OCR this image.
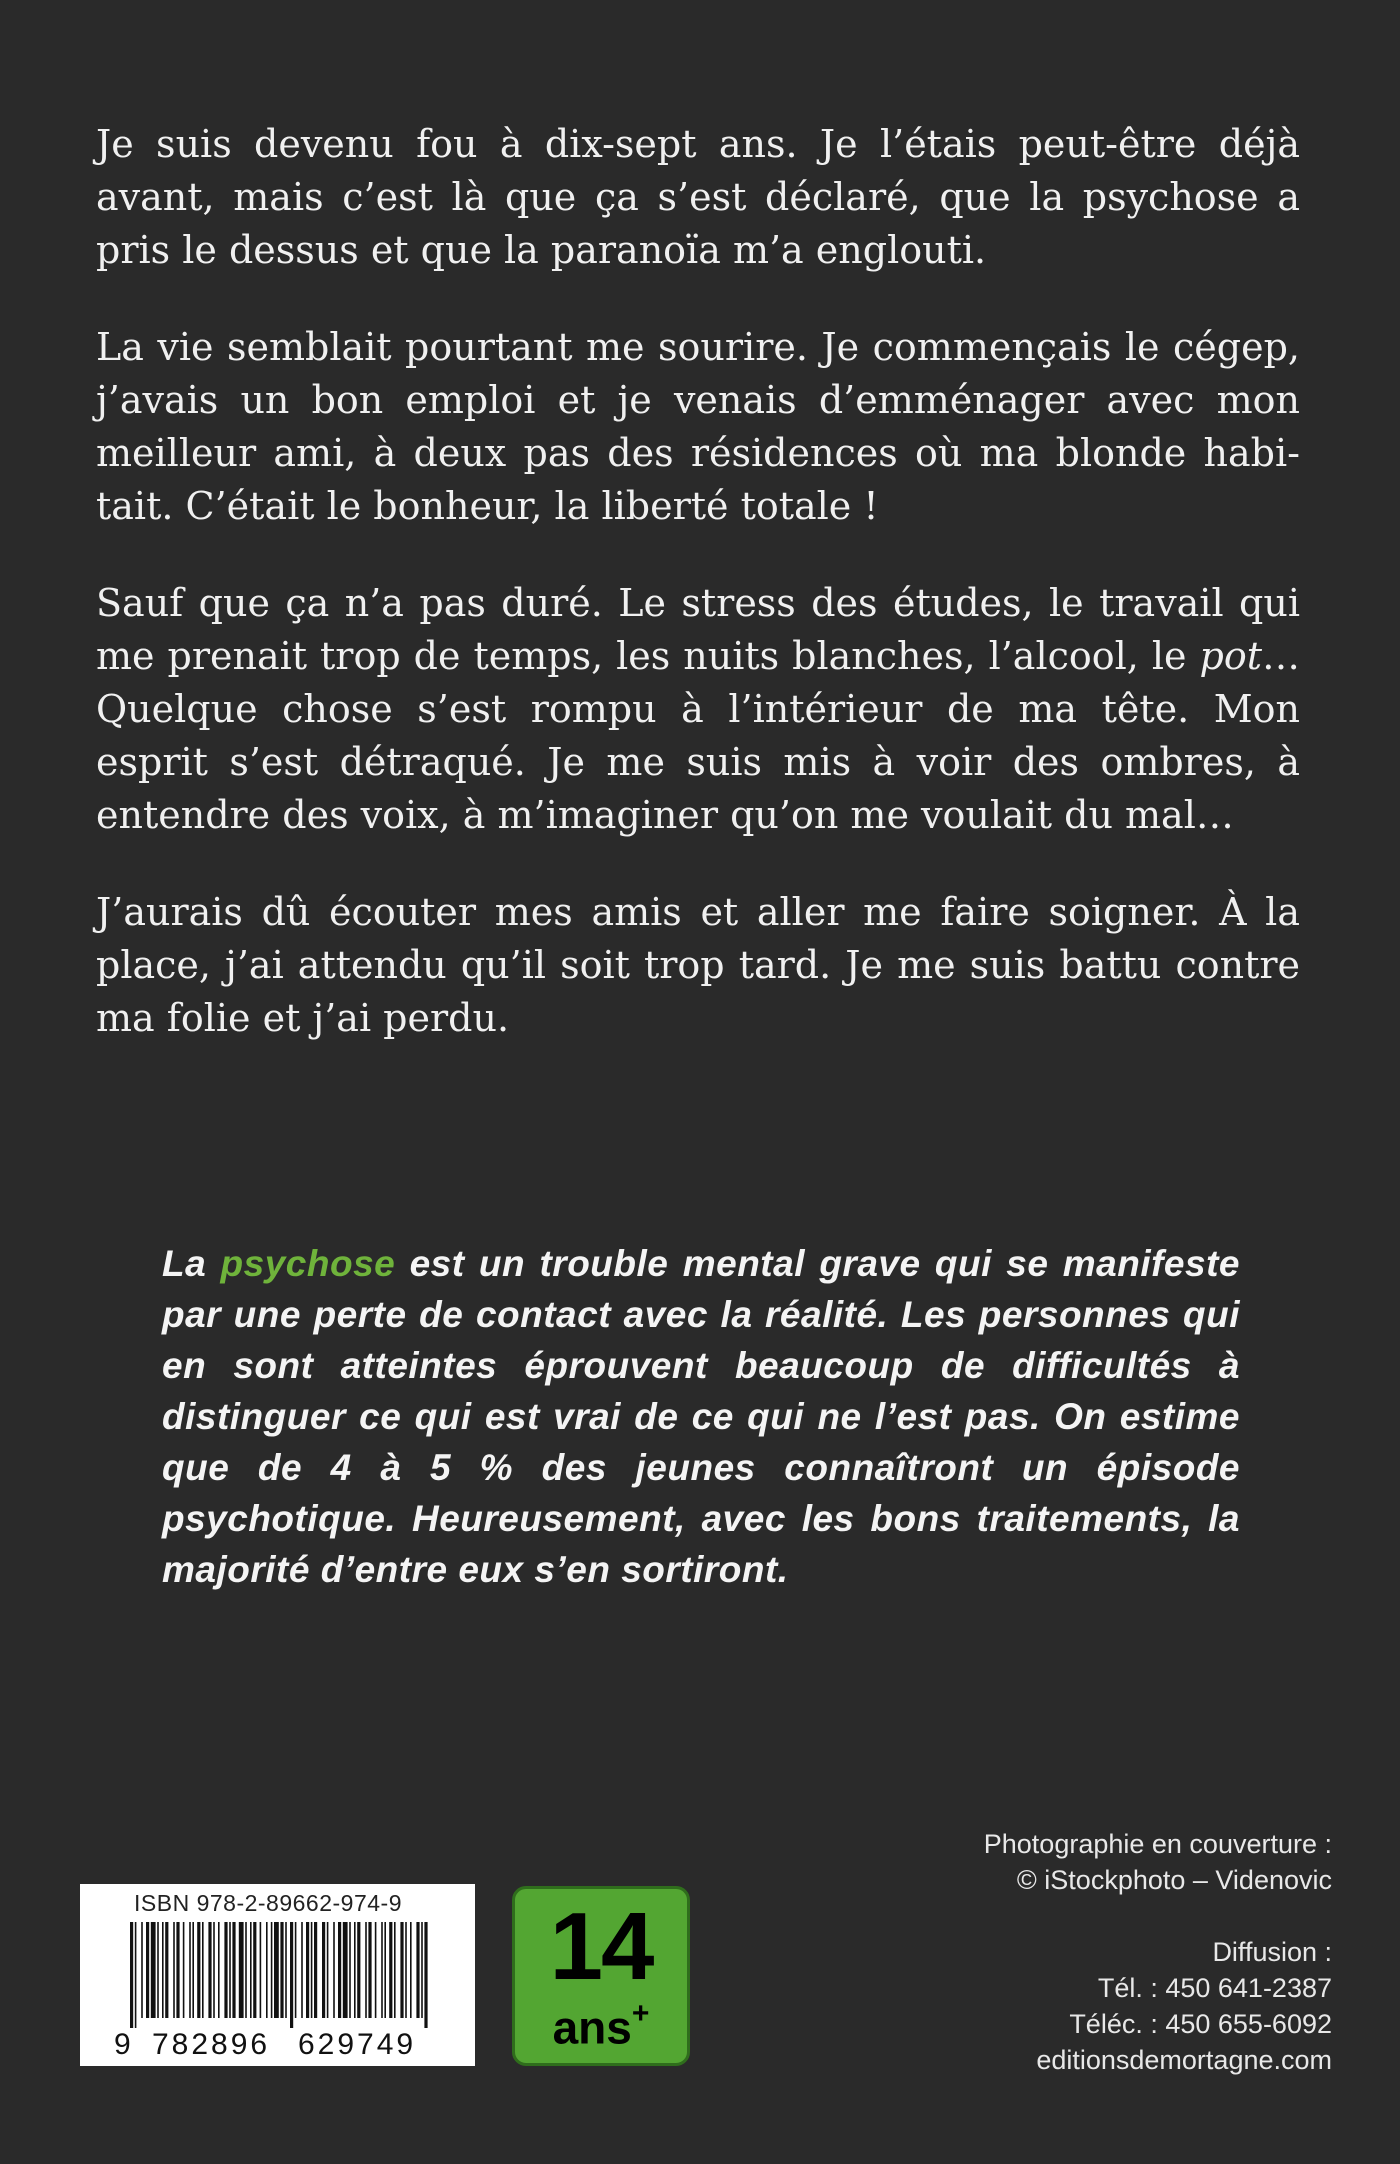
Je suis devenu fou à dix-sept ans. Je l’étais peut-être déjà avant, mais c’est là que ça s’est déclaré, que la psychose a pris le dessus et que la paranoïa m’a englouti.

La vie semblait pourtant me sourire. Je commençais le cégep, j’avais un bon emploi et je venais d’emménager avec mon meilleur ami, à deux pas des résidences où ma blonde habitait. C’était le bonheur, la liberté totale !

Sauf que ça n’a pas duré. Le stress des études, le travail qui me prenait trop de temps, les nuits blanches, l’alcool, le pot… Quelque chose s’est rompu à l’intérieur de ma tête. Mon esprit s’est détraqué. Je me suis mis à voir des ombres, à entendre des voix, à m’imaginer qu’on me voulait du mal…

J’aurais dû écouter mes amis et aller me faire soigner. À la place, j’ai attendu qu’il soit trop tard. Je me suis battu contre ma folie et j’ai perdu.

La psychose est un trouble mental grave qui se manifeste par une perte de contact avec la réalité. Les personnes qui en sont atteintes éprouvent beaucoup de difficultés à distinguer ce qui est vrai de ce qui ne l’est pas. On estime que de 4 à 5 % des jeunes connaîtront un épisode psychotique. Heureusement, avec les bons traitements, la majorité d’entre eux s’en sortiront.

Photographie en couverture :
© iStockphoto – Videnovic
Diffusion :
Tél. : 450 641-2387
Téléc. : 450 655-6092
editionsdemortagne.com
ISBN 978-2-89662-974-9
9 782896 629749
14
ans+
